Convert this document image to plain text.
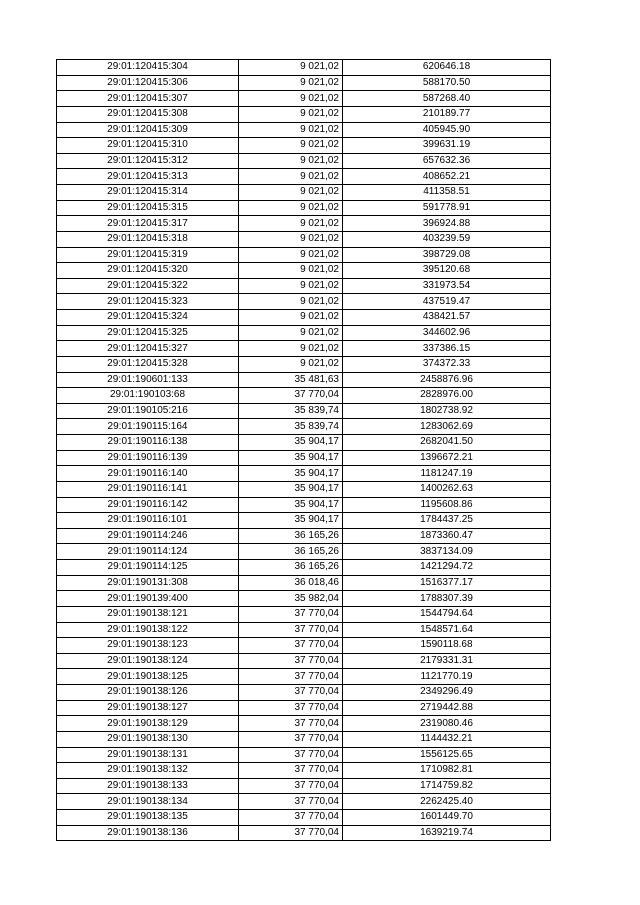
29:01:120415:304	9 021,02	620646.18
29:01:120415:306	9 021,02	588170.50
29:01:120415:307	9 021,02	587268.40
29:01:120415:308	9 021,02	210189.77
29:01:120415:309	9 021,02	405945.90
29:01:120415:310	9 021,02	399631.19
29:01:120415:312	9 021,02	657632.36
29:01:120415:313	9 021,02	408652.21
29:01:120415:314	9 021,02	411358.51
29:01:120415:315	9 021,02	591778.91
29:01:120415:317	9 021,02	396924.88
29:01:120415:318	9 021,02	403239.59
29:01:120415:319	9 021,02	398729.08
29:01:120415:320	9 021,02	395120.68
29:01:120415:322	9 021,02	331973.54
29:01:120415:323	9 021,02	437519.47
29:01:120415:324	9 021,02	438421.57
29:01:120415:325	9 021,02	344602.96
29:01:120415:327	9 021,02	337386.15
29:01:120415:328	9 021,02	374372.33
29:01:190601:133	35 481,63	2458876.96
29:01:190103:68	37 770,04	2828976.00
29:01:190105:216	35 839,74	1802738.92
29:01:190115:164	35 839,74	1283062.69
29:01:190116:138	35 904,17	2682041.50
29:01:190116:139	35 904,17	1396672.21
29:01:190116:140	35 904,17	1181247.19
29:01:190116:141	35 904,17	1400262.63
29:01:190116:142	35 904,17	1195608.86
29:01:190116:101	35 904,17	1784437.25
29:01:190114:246	36 165,26	1873360.47
29:01:190114:124	36 165,26	3837134.09
29:01:190114:125	36 165,26	1421294.72
29:01:190131:308	36 018,46	1516377.17
29:01:190139:400	35 982,04	1788307.39
29:01:190138:121	37 770,04	1544794.64
29:01:190138:122	37 770,04	1548571.64
29:01:190138:123	37 770,04	1590118.68
29:01:190138:124	37 770,04	2179331.31
29:01:190138:125	37 770,04	1121770.19
29:01:190138:126	37 770,04	2349296.49
29:01:190138:127	37 770,04	2719442.88
29:01:190138:129	37 770,04	2319080.46
29:01:190138:130	37 770,04	1144432.21
29:01:190138:131	37 770,04	1556125.65
29:01:190138:132	37 770,04	1710982.81
29:01:190138:133	37 770,04	1714759.82
29:01:190138:134	37 770,04	2262425.40
29:01:190138:135	37 770,04	1601449.70
29:01:190138:136	37 770,04	1639219.74
